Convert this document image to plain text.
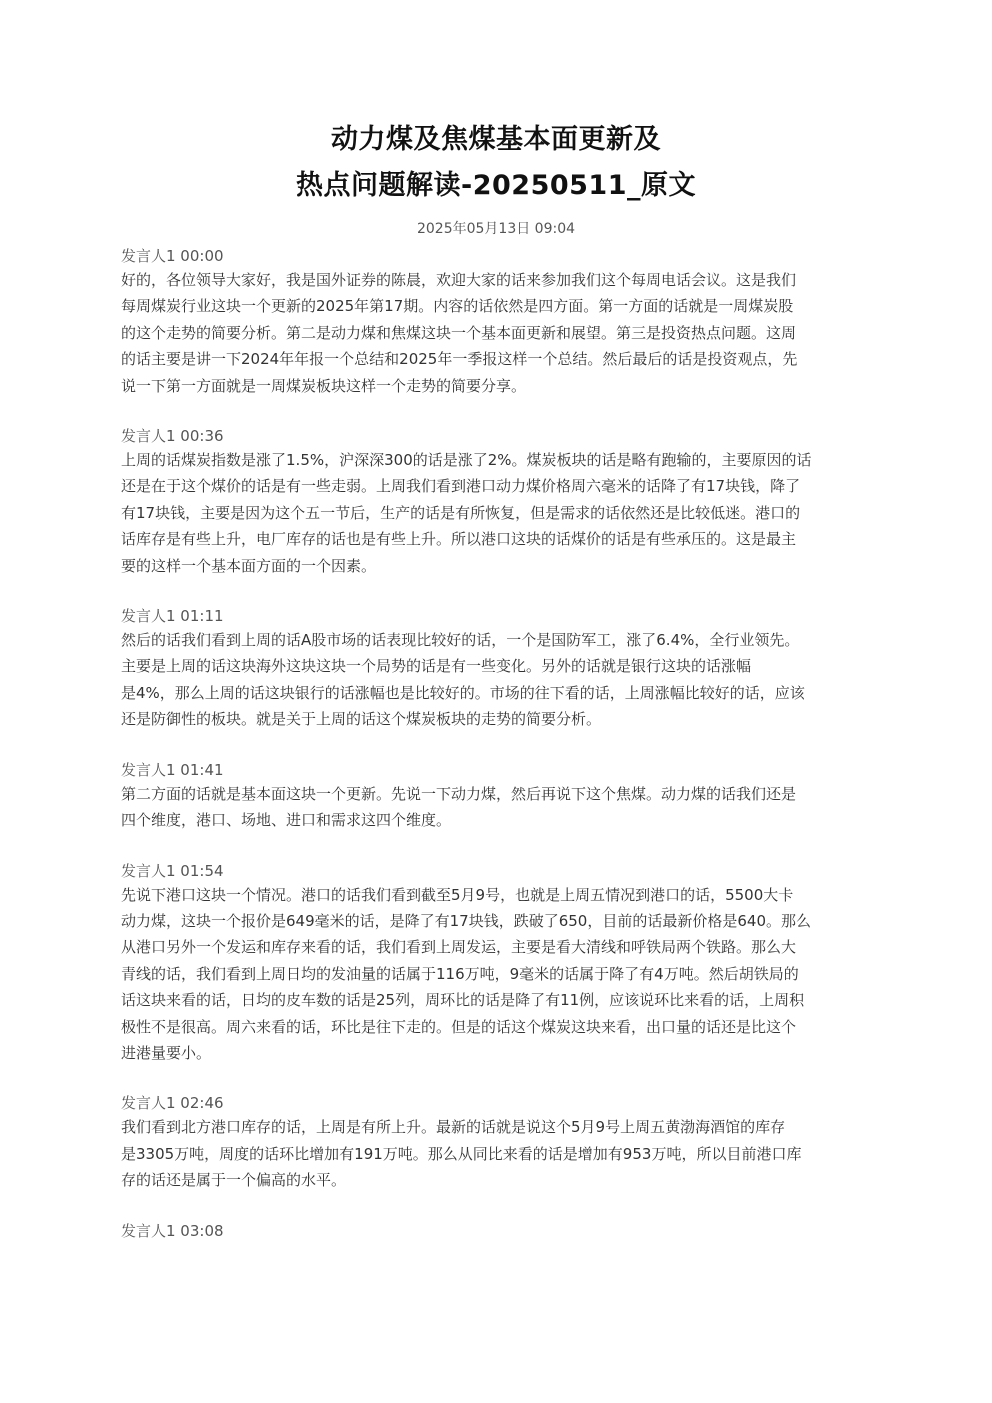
动力煤及焦煤基本面更新及
热点问题解读-20250511_原文
2025年05月13日 09:04
发言人1 00:00
好的，各位领导大家好，我是国外证券的陈晨，欢迎大家的话来参加我们这个每周电话会议。这是我们
每周煤炭行业这块一个更新的2025年第17期。内容的话依然是四方面。第一方面的话就是一周煤炭股
的这个走势的简要分析。第二是动力煤和焦煤这块一个基本面更新和展望。第三是投资热点问题。这周
的话主要是讲一下2024年年报一个总结和2025年一季报这样一个总结。然后最后的话是投资观点，先
说一下第一方面就是一周煤炭板块这样一个走势的简要分享。
发言人1 00:36
上周的话煤炭指数是涨了1.5%，沪深深300的话是涨了2%。煤炭板块的话是略有跑输的，主要原因的话
还是在于这个煤价的话是有一些走弱。上周我们看到港口动力煤价格周六毫米的话降了有17块钱，降了
有17块钱，主要是因为这个五一节后，生产的话是有所恢复，但是需求的话依然还是比较低迷。港口的
话库存是有些上升，电厂库存的话也是有些上升。所以港口这块的话煤价的话是有些承压的。这是最主
要的这样一个基本面方面的一个因素。
发言人1 01:11
然后的话我们看到上周的话A股市场的话表现比较好的话，一个是国防军工，涨了6.4%，全行业领先。
主要是上周的话这块海外这块这块一个局势的话是有一些变化。另外的话就是银行这块的话涨幅
是4%，那么上周的话这块银行的话涨幅也是比较好的。市场的往下看的话，上周涨幅比较好的话，应该
还是防御性的板块。就是关于上周的话这个煤炭板块的走势的简要分析。
发言人1 01:41
第二方面的话就是基本面这块一个更新。先说一下动力煤，然后再说下这个焦煤。动力煤的话我们还是
四个维度，港口、场地、进口和需求这四个维度。
发言人1 01:54
先说下港口这块一个情况。港口的话我们看到截至5月9号，也就是上周五情况到港口的话，5500大卡
动力煤，这块一个报价是649毫米的话，是降了有17块钱，跌破了650，目前的话最新价格是640。那么
从港口另外一个发运和库存来看的话，我们看到上周发运，主要是看大清线和呼铁局两个铁路。那么大
青线的话，我们看到上周日均的发油量的话属于116万吨，9毫米的话属于降了有4万吨。然后胡铁局的
话这块来看的话，日均的皮车数的话是25列，周环比的话是降了有11例，应该说环比来看的话，上周积
极性不是很高。周六来看的话，环比是往下走的。但是的话这个煤炭这块来看，出口量的话还是比这个
进港量要小。
发言人1 02:46
我们看到北方港口库存的话，上周是有所上升。最新的话就是说这个5月9号上周五黄渤海酒馆的库存
是3305万吨，周度的话环比增加有191万吨。那么从同比来看的话是增加有953万吨，所以目前港口库
存的话还是属于一个偏高的水平。
发言人1 03:08
